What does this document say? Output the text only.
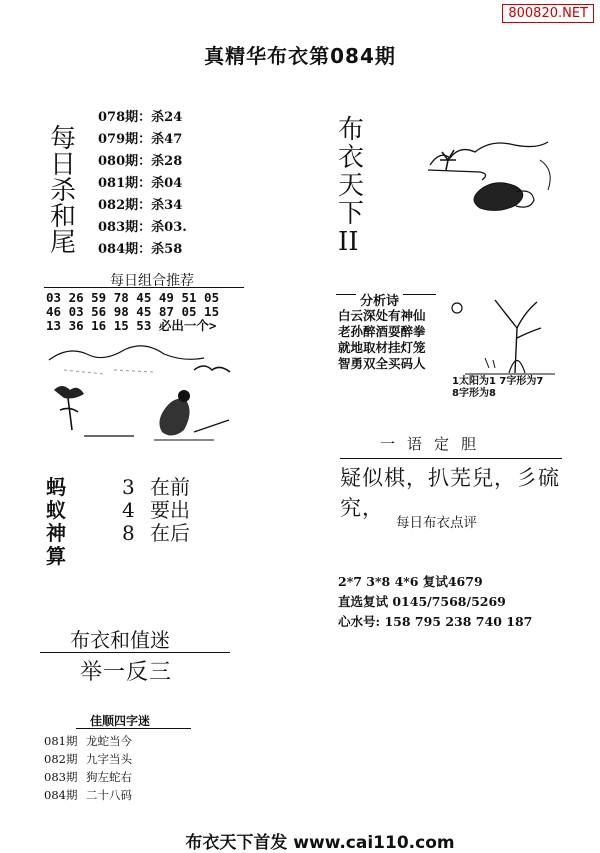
800820.NET
真精华布衣第084期
每
日
杀
和
尾
078期：杀24
079期：杀47
080期：杀28
081期：杀04
082期：杀34
083期：杀03.
084期：杀58
布
衣
天
下
II
每日组合推荐
03 26 59 78 45 49 51 05
46 03 56 98 45 87 05 15
13 36 16 15 53 必出一个>
分析诗
白云深处有神仙
老孙醉酒耍醉拳
就地取材挂灯笼
智勇双全买码人
1太阳为1 7字形为7
8字形为8
一语定胆
疑似棋，扒芜兒，彡硫究，
每日布衣点评
2*7 3*8 4*6 复试4679
直选复试 0145/7568/5269
心水号: 158 795 238 740 187
蚂
蚁
神
算
3 在前
4 要出
8 在后
布衣和值迷
举一反三
佳顺四字迷
081期 龙蛇当今
082期 九字当头
083期 狗左蛇右
084期 二十八码
布衣天下首发 www.cai110.com
